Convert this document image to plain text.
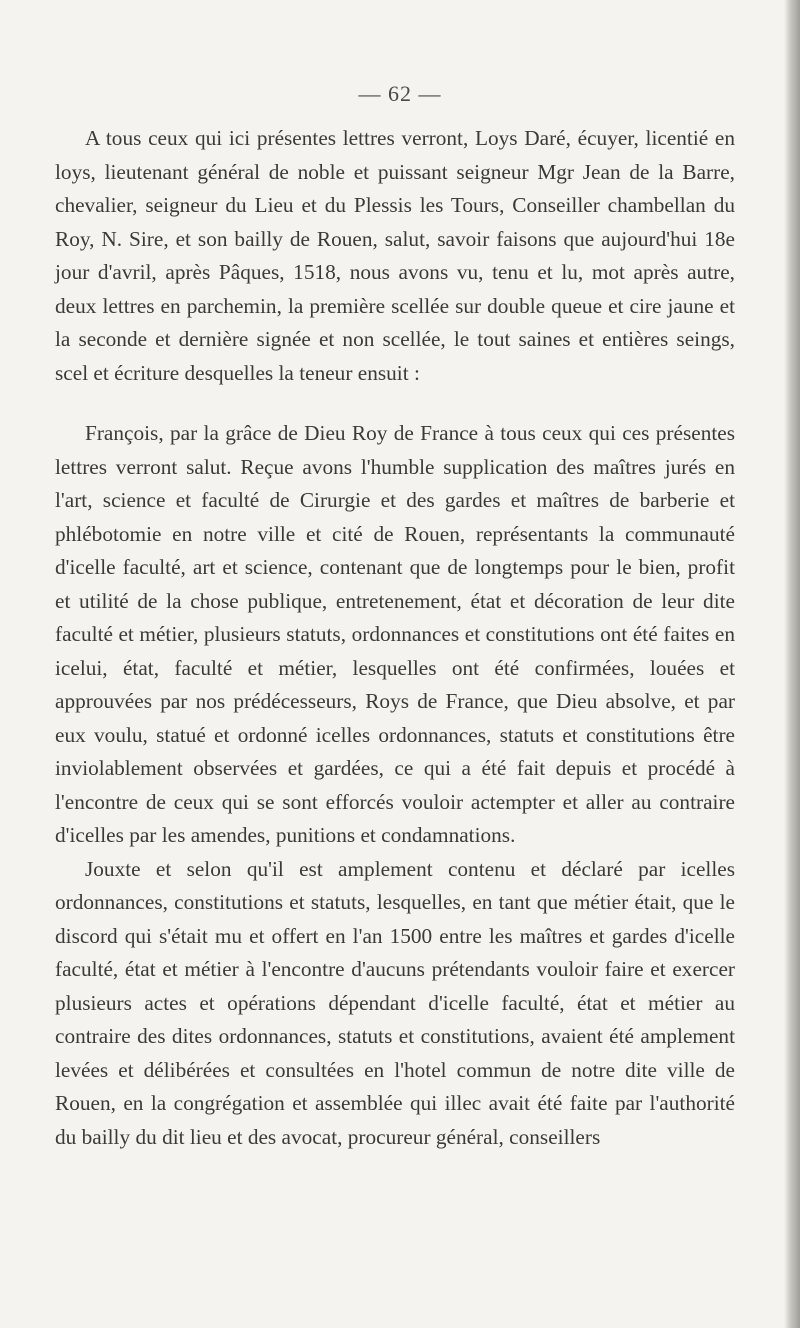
— 62 —

A tous ceux qui ici présentes lettres verront, Loys Daré, écuyer, licentié en loys, lieutenant général de noble et puissant seigneur Mgr Jean de la Barre, chevalier, seigneur du Lieu et du Plessis les Tours, Conseiller chambellan du Roy, N. Sire, et son bailly de Rouen, salut, savoir faisons que aujourd'hui 18e jour d'avril, après Pâques, 1518, nous avons vu, tenu et lu, mot après autre, deux lettres en parchemin, la première scellée sur double queue et cire jaune et la seconde et dernière signée et non scellée, le tout saines et entières seings, scel et écriture desquelles la teneur ensuit :

François, par la grâce de Dieu Roy de France à tous ceux qui ces présentes lettres verront salut. Reçue avons l'humble supplication des maîtres jurés en l'art, science et faculté de Cirurgie et des gardes et maîtres de barberie et phlébotomie en notre ville et cité de Rouen, représentants la communauté d'icelle faculté, art et science, contenant que de longtemps pour le bien, profit et utilité de la chose publique, entretenement, état et décoration de leur dite faculté et métier, plusieurs statuts, ordonnances et constitutions ont été faites en icelui, état, faculté et métier, lesquelles ont été confirmées, louées et approuvées par nos prédécesseurs, Roys de France, que Dieu absolve, et par eux voulu, statué et ordonné icelles ordonnances, statuts et constitutions être inviolablement observées et gardées, ce qui a été fait depuis et procédé à l'encontre de ceux qui se sont efforcés vouloir actempter et aller au contraire d'icelles par les amendes, punitions et condamnations.

Jouxte et selon qu'il est amplement contenu et déclaré par icelles ordonnances, constitutions et statuts, lesquelles, en tant que métier était, que le discord qui s'était mu et offert en l'an 1500 entre les maîtres et gardes d'icelle faculté, état et métier à l'encontre d'aucuns prétendants vouloir faire et exercer plusieurs actes et opérations dépendant d'icelle faculté, état et métier au contraire des dites ordonnances, statuts et constitutions, avaient été amplement levées et délibérées et consultées en l'hotel commun de notre dite ville de Rouen, en la congrégation et assemblée qui illec avait été faite par l'authorité du bailly du dit lieu et des avocat, procureur général, conseillers
